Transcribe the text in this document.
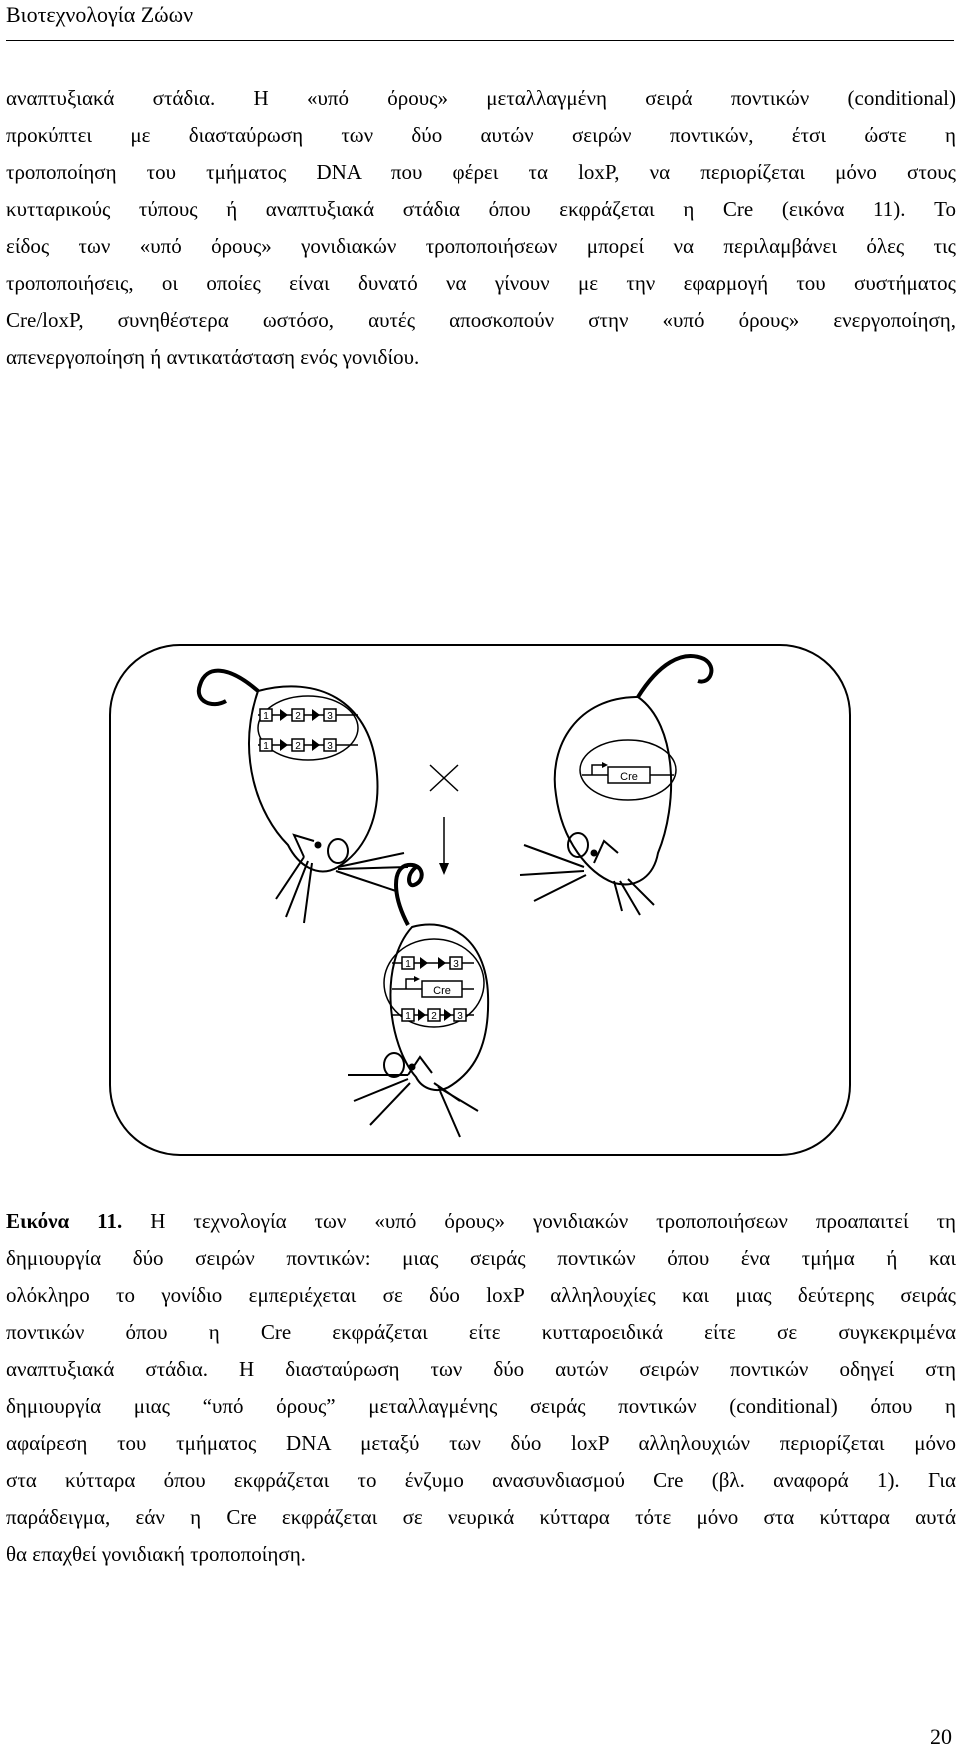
Βιοτεχνολογία Ζώων
αναπτυξιακά στάδια. Η «υπό όρους» μεταλλαγμένη σειρά ποντικών (conditional)
προκύπτει με διασταύρωση των δύο αυτών σειρών ποντικών, έτσι ώστε η
τροποποίηση του τμήματος DNA που φέρει τα loxP, να περιορίζεται μόνο στους
κυτταρικούς τύπους ή αναπτυξιακά στάδια όπου εκφράζεται η Cre (εικόνα 11). Το
είδος των «υπό όρους» γονιδιακών τροποποιήσεων μπορεί να περιλαμβάνει όλες τις
τροποποιήσεις, οι οποίες είναι δυνατό να γίνουν με την εφαρμογή του συστήματος
Cre/loxP, συνηθέστερα ωστόσο, αυτές αποσκοπούν στην «υπό όρους» ενεργοποίηση,
απενεργοποίηση ή αντικατάσταση ενός γονιδίου.
1	2	3
1	2	3
Cre
1	3
Cre
1 2 3
Εικόνα 11. Η τεχνολογία των «υπό όρους» γονιδιακών τροποποιήσεων προαπαιτεί τη
δημιουργία δύο σειρών ποντικών: μιας σειράς ποντικών όπου ένα τμήμα ή και
ολόκληρο το γονίδιο εμπεριέχεται σε δύο loxP αλληλουχίες και μιας δεύτερης σειράς
ποντικών όπου η Cre εκφράζεται είτε κυτταροειδικά είτε σε συγκεκριμένα
αναπτυξιακά στάδια. Η διασταύρωση των δύο αυτών σειρών ποντικών οδηγεί στη
δημιουργία μιας “υπό όρους” μεταλλαγμένης σειράς ποντικών (conditional) όπου η
αφαίρεση του τμήματος DNA μεταξύ των δύο loxP αλληλουχιών περιορίζεται μόνο
στα κύτταρα όπου εκφράζεται το ένζυμο ανασυνδιασμού Cre (βλ. αναφορά 1). Για
παράδειγμα, εάν η Cre εκφράζεται σε νευρικά κύτταρα τότε μόνο στα κύτταρα αυτά
θα επαχθεί γονιδιακή τροποποίηση.
20
